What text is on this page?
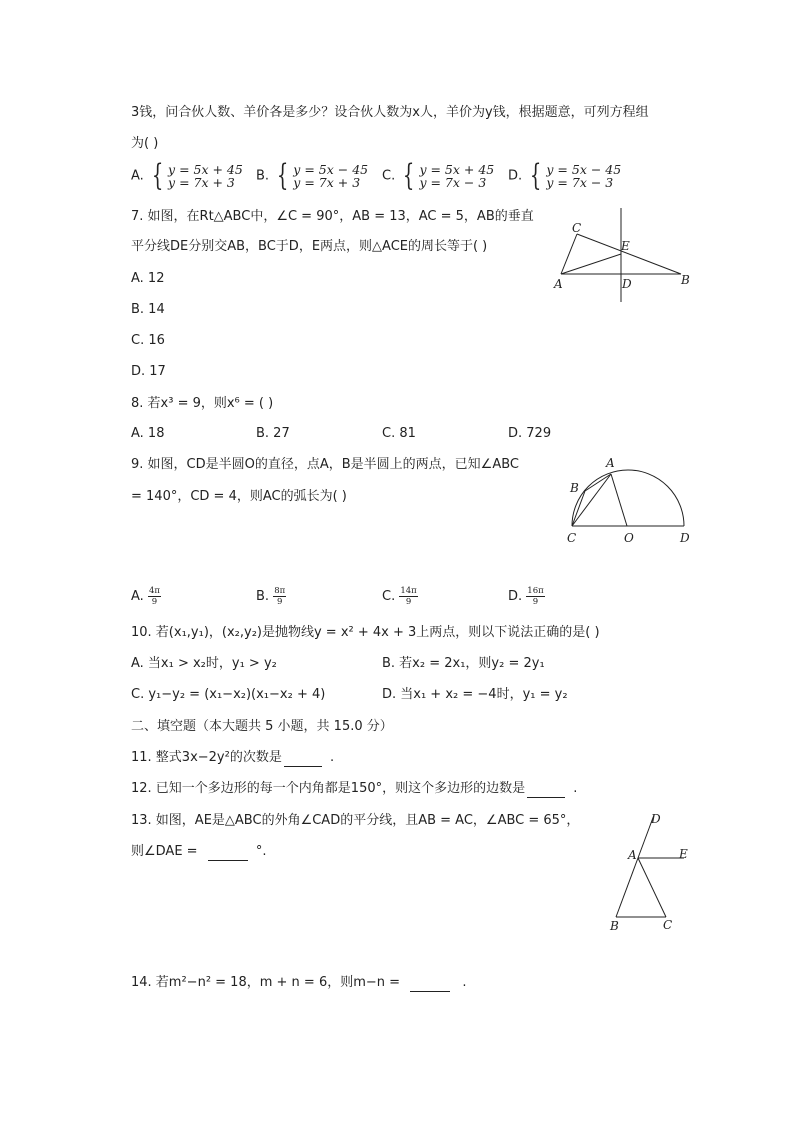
3钱，问合伙人数、羊价各是多少？设合伙人数为x人，羊价为y钱，根据题意，可列方程组
为( )
A. { y = 5x + 45
y = 7x + 3	B. { y = 5x − 45
y = 7x + 3	C. { y = 5x + 45
y = 7x − 3	D. { y = 5x − 45
y = 7x − 3
7. 如图，在Rt△ABC中，∠C = 90°，AB = 13，AC = 5，AB的垂直
平分线DE分别交AB，BC于D，E两点，则△ACE的周长等于( )
A. 12
B. 14
C. 16
D. 17
C
E
A	D	B
8. 若x³ = 9，则x⁶ = ( )
A. 18	B. 27	C. 81	D. 729
9. 如图，CD是半圆O的直径，点A，B是半圆上的两点，已知∠ABC
= 140°，CD = 4，则AC的弧长为( )
A
B
C	O	D
A. $\frac{4\pi}{9}$	B. $\frac{8\pi}{9}$	C. $\frac{14\pi}{9}$	D. $\frac{16\pi}{9}$
10. 若(x₁,y₁)，(x₂,y₂)是抛物线y = x² + 4x + 3上两点，则以下说法正确的是( )
A. 当x₁ > x₂时，y₁ > y₂	B. 若x₂ = 2x₁，则y₂ = 2y₁
C. y₁−y₂ = (x₁−x₂)(x₁−x₂ + 4)	D. 当x₁ + x₂ = −4时，y₁ = y₂
二、填空题（本大题共 5 小题，共 15.0 分）
11. 整式3x−2y²的次数是	.
12. 已知一个多边形的每一个内角都是150°，则这个多边形的边数是	.
13. 如图，AE是△ABC的外角∠CAD的平分线，且AB = AC，∠ABC = 65°，
则∠DAE =	°.
D
A	E
B	C
14. 若m²−n² = 18，m + n = 6，则m−n =	.
